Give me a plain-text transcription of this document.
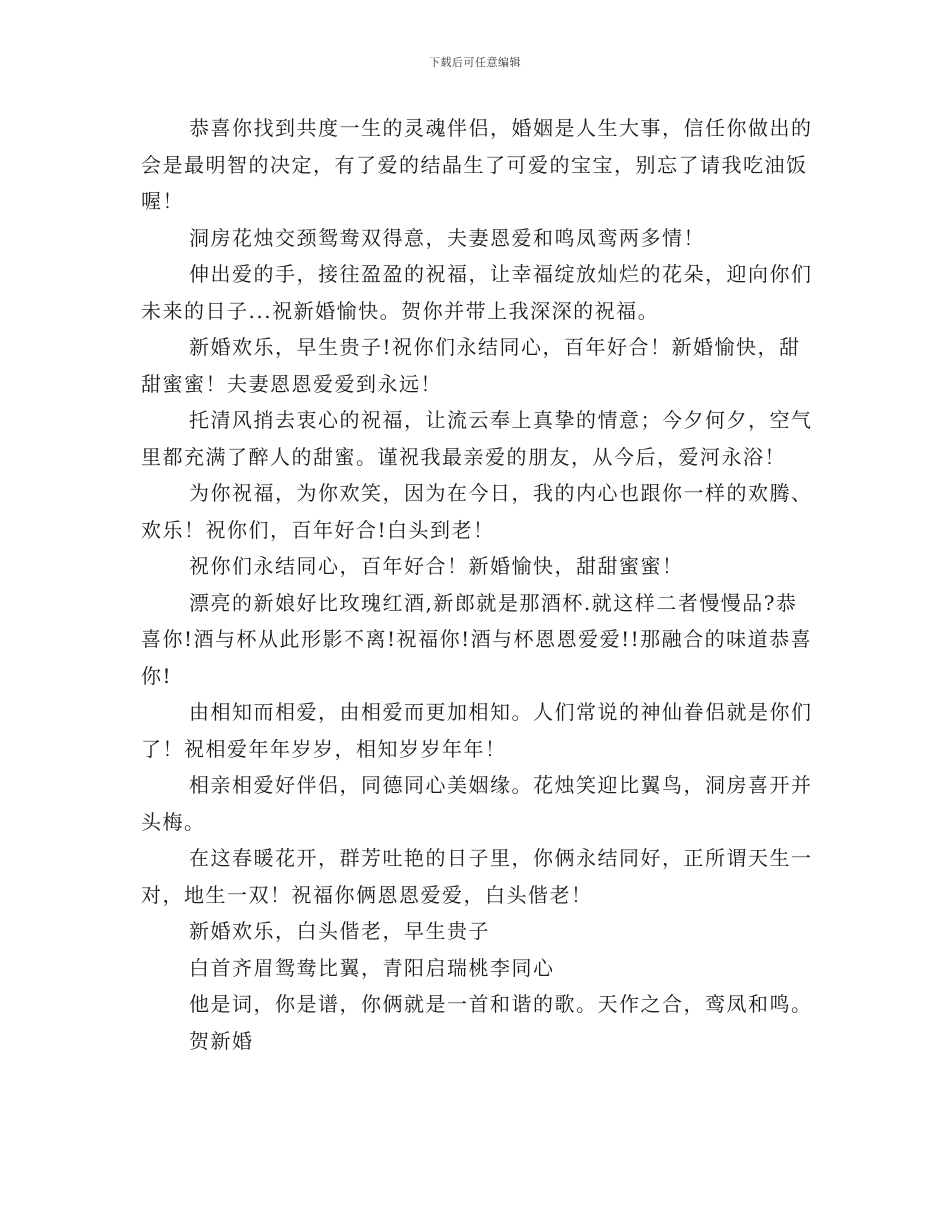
下载后可任意编辑

恭喜你找到共度一生的灵魂伴侣，婚姻是人生大事，信任你做出的会是最明智的决定，有了爱的结晶生了可爱的宝宝，别忘了请我吃油饭喔！

洞房花烛交颈鸳鸯双得意，夫妻恩爱和鸣凤鸾两多情！

伸出爱的手，接往盈盈的祝福，让幸福绽放灿烂的花朵，迎向你们未来的日子...祝新婚愉快。贺你并带上我深深的祝福。

新婚欢乐，早生贵子!祝你们永结同心，百年好合！新婚愉快，甜甜蜜蜜！夫妻恩恩爱爱到永远！

托清风捎去衷心的祝福，让流云奉上真挚的情意；今夕何夕，空气里都充满了醉人的甜蜜。谨祝我最亲爱的朋友，从今后，爱河永浴！

为你祝福，为你欢笑，因为在今日，我的内心也跟你一样的欢腾、欢乐！祝你们，百年好合!白头到老！

祝你们永结同心，百年好合！新婚愉快，甜甜蜜蜜！

漂亮的新娘好比玫瑰红酒,新郎就是那酒杯.就这样二者慢慢品?恭喜你!酒与杯从此形影不离!祝福你!酒与杯恩恩爱爱!!那融合的味道恭喜你!

由相知而相爱，由相爱而更加相知。人们常说的神仙眷侣就是你们了！祝相爱年年岁岁，相知岁岁年年！

相亲相爱好伴侣，同德同心美姻缘。花烛笑迎比翼鸟，洞房喜开并头梅。

在这春暖花开，群芳吐艳的日子里，你俩永结同好，正所谓天生一对，地生一双！祝福你俩恩恩爱爱，白头偕老！

新婚欢乐，白头偕老，早生贵子

白首齐眉鸳鸯比翼，青阳启瑞桃李同心

他是词，你是谱，你俩就是一首和谐的歌。天作之合，鸾凤和鸣。

贺新婚
